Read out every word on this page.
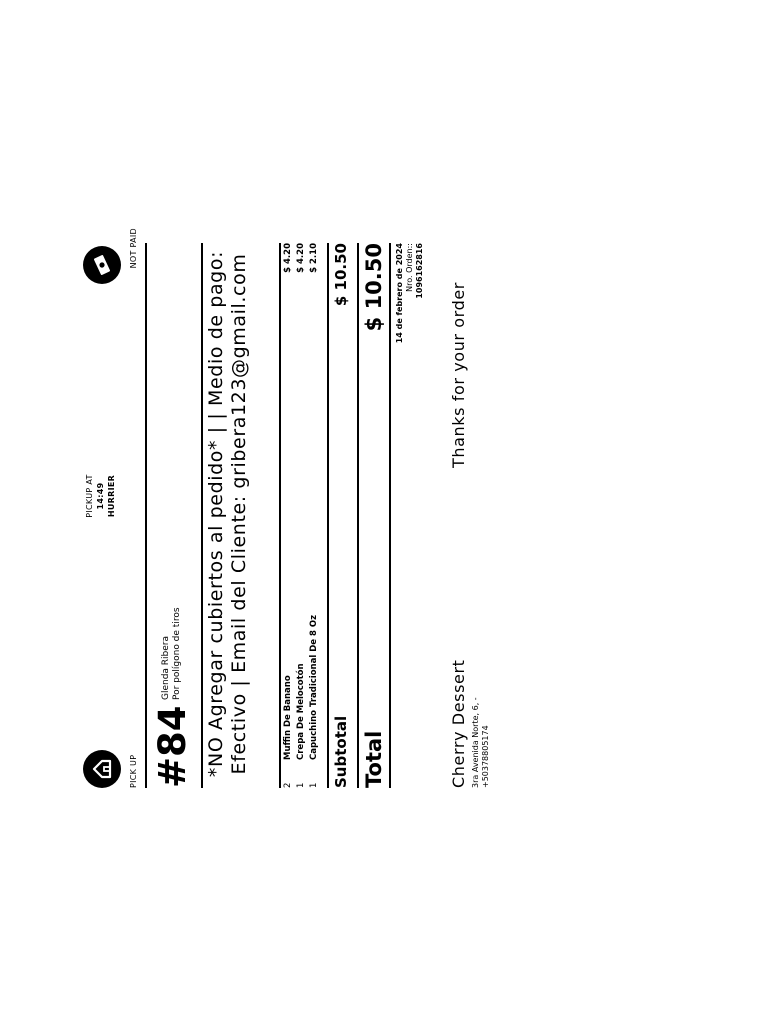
PICK UP
PICKUP AT 14:49 HURRIER
NOT PAID
#84
Glenda Ribera Por polígono de tiros *NO Agregar cubiertos al pedido* | | Medio de pago: Efectivo | Email del Cliente: gribera123@gmail.com
2
Muffin De Banano
$ 4.20
1
Crepa De Melocotón
$ 4.20
1
Capuchino Tradicional De 8 Oz
$ 2.10
Subtotal
$ 10.50
Total
$ 10.50 14 de febrero de 2024 Nro. Orden:: 1096162816
Cherry Dessert 3ra Avenida Norte, 6, - +50378805174
Thanks for your order
